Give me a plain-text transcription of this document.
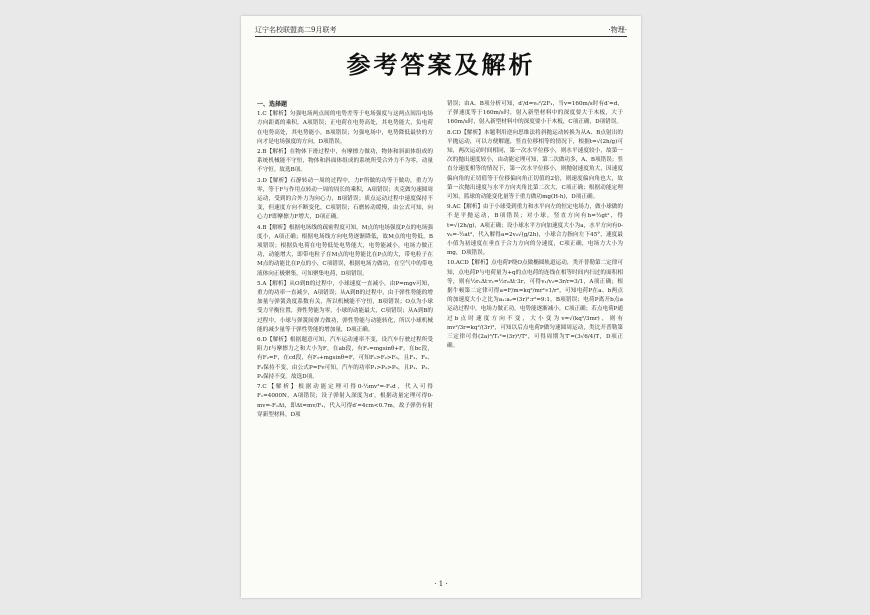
辽宁名校联盟高二9月联考	·物理·
参考答案及解析

一、选择题

1.C【解析】匀强电场两点间的电势差等于电场强度与这两点间沿电场方向距离的乘积，A项错误；正电荷在电势高处，其电势能大，负电荷在电势高处，其电势能小，B项错误；匀强电场中，电势降低最快的方向才是电场强度的方向，D项错误。

2.B【解析】在物体下滑过程中，有摩擦力做功，物体和斜面体组成的系统机械能不守恒，物体和斜面体组成的系统所受合外力不为零，动量不守恒。故选B项。

3.D【解析】石静转动一周的过程中，力F所做的功等于做功，重力为零，等于F与作用点转动一周的周长的乘积，A项错误；夹克做匀速圆周运动，受到的合外力为向心力，B项错误；质点运动过程中速度保持不变，但速度方向不断变化，C项错误；石磨转动缓慢，由公式可知，向心力F即摩擦力F增大，D项正确。

4.B【解析】根据电场线的疏密程度可知，M点的电场强度P点的电场强度小，A项正确；根据电场线方向电势逐渐降低，故M点的电势低，B项错误；根据负电荷在电势低处电势能大，电势能减小，电场力做正功，动能增大，即带电粒子在M点的电势能比在P点的大，带电粒子在M点的动能比在P点的小，C项错误，根据电场力做功，在空气中的带电液体向正极聚集，可知聚集电荷，D项错误。

5.A【解析】从O到B的过程中，小球速度一直减小，由P=mgv可知，重力的功率一直减少，A项错误；从A到B的过程中，由于弹性势能的增加量与弹簧劲度系数有关，所以机械能不守恒，B项错误；O点为小球受力平衡位置，弹性势能为零，小球的动能最大，C项错误；从A到B的过程中，小球与弹簧间弹力做功，弹性势能与动能转化，所以小球机械能的减少量等于弹性势能的增加量，D项正确。

6.D【解析】根据题意可知，汽车运动速率不变，设汽车行驶过程所受阻力f与摩擦力之和大小为F，在ab段，有F₁=mgsinθ+F，在bc段，有F₂=F，在cd段，有F₃+mgsinθ=F，可知F₁>F₂>F₃，且F₁、F₂、F₃保持不变，由公式P=Fv可知，汽车的功率P₁>P₂>P₃，且P₁、P₂、P₃保持不变。故选D项。

7.C【解析】根据动能定理可得0-½mv²=-F₁d，代入可得F₁=4000N，A项错误；设子弹射入深度为d′，根据动量定理可得0-mv=-F₁Δt，即Δt=mv/F₁，代入可得d′=4cm<0.7m，故子弹仍有射穿新型材料，D项

错误；由A、B项分析可知，d′/d=v₀²/2F₁，当v=160m/s时有d′=d，子弹速度等于160m/s时，射入新型材料中的深度要大于木板，大于160m/s时，射入新型材料中的深度要小于木板，C项正确，D项错误。

8.CD【解析】本题利用逆向思维法将斜抛运动转换为从A、B点射出的平抛运动，可以方便解题，竖直位移相等的情况下，根据t=√(2h/g)可知，两次运动时间相同，第一次水平位移小，则水平速度较小，故第一次的抛出速度较小，由动能定理可知，第二次做功多，A、B项错误；竖直分速度相等的情况下，第一次水平位移小，则抛射速度角大，因速度偏向角的正切值等于位移偏向角正切值的2倍，则速度偏向角也大，故第一次抛出速度与水平方向夹角比第二次大，C项正确；根据动能定理可知，篮球的动能变化量等于重力做功mg(H-h)，D项正确。

9.AC【解析】由于小球受到重力和水平向左的恒定电场力，做小球做的不是平抛运动，B项错误；对小球，竖直方向有h=½gt²，得t=√(2h/g)，A项正确；设小球水平方向加速度大小为a，水平方向有0-v₀=-½at²，代入解得a=2v₀√(g/2h)，小球合力指向左下45°，速度最小值为初速度在垂直于合力方向的分速度，C项正确，电场力大小为mg，D项错误。

10.ACD【解析】点电荷P绕O点做椭圆轨道运动，类开普勒第二定律可知，点电荷P与电荷量为+q的点电荷的连线在相等时间内扫过的面积相等，则有½r₁Δt·r₁=½r₂Δt·3r，可得v₁/v₂=3r/r=3/1，A项正确；根据牛顿第二定律可得a=F/m=kq²/mr²∝1/r²，可知电荷P在a、b两点的加速度大小之比为a₁:a₂=(3r)²:r²=9:1，B项错误；电荷P离开b点a运动过程中，电场力做正功，电势能逐渐减小，C项正确；若点电荷P通过b点时速度方向不变，大小变为v=√(kq²/3mr)，则有mv²/3r=kq²/(3r)²，可知以后点电荷P做匀速圆周运动，类比开普勒第三定律可得(2a)³/T₁²=(3r)³/T²，可得周期为T′=(3√6/4)T，D项正确。

· 1 ·
